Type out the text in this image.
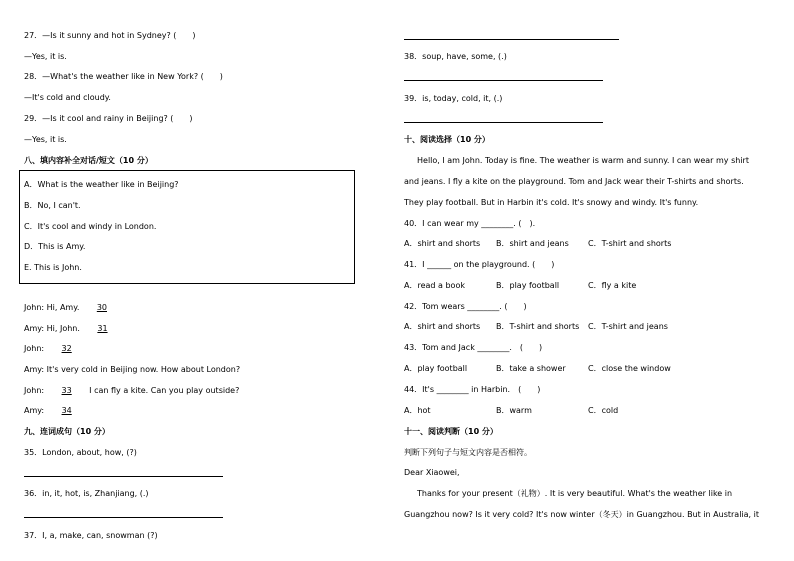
27．—Is it sunny and hot in Sydney? (　　)
—Yes, it is.
28．—What's the weather like in New York? (　　)
—It's cold and cloudy.
29．—Is it cool and rainy in Beijing? (　　)
—Yes, it is.
八、填内容补全对话/短文（10 分）
John: Hi, Amy. 30
Amy: Hi, John. 31
John: 32
Amy: It's very cold in Beijing now. How about London?
John: 33 I can fly a kite. Can you play outside?
Amy: 34
九、连词成句（10 分）
35．London, about, how, (?)
36．in, it, hot, is, Zhanjiang, (.)
37．I, a, make, can, snowman (?)
A．What is the weather like in Beijing?
B．No, I can't.
C．It's cool and windy in London.
D．This is Amy.
E. This is John.
38．soup, have, some, (.)
39．is, today, cold, it, (.)
十、阅读选择（10 分）
Hello, I am John. Today is fine. The weather is warm and sunny. I can wear my shirt
and jeans. I fly a kite on the playground. Tom and Jack wear their T-shirts and shorts.
They play football. But in Harbin it's cold. It's snowy and windy. It's funny.
40．I can wear my ________. (　).
A．shirt and shorts B．shirt and jeans C．T-shirt and shorts
41．I ______ on the playground. (　　)
A．read a book	B．play football	C．fly a kite
42．Tom wears ________. (　　)
A．shirt and shorts B．T-shirt and shorts C．T-shirt and jeans
43．Tom and Jack ________.　(　　)
A．play football	B．take a shower	C．close the window
44．It's ________ in Harbin.　(　　)
A．hot	B．warm	C．cold
十一、阅读判断（10 分）
判断下列句子与短文内容是否相符。
Dear Xiaowei,
Thanks for your present（礼物）. It is very beautiful. What's the weather like in
Guangzhou now? Is it very cold? It's now winter（冬天）in Guangzhou. But in Australia, it
